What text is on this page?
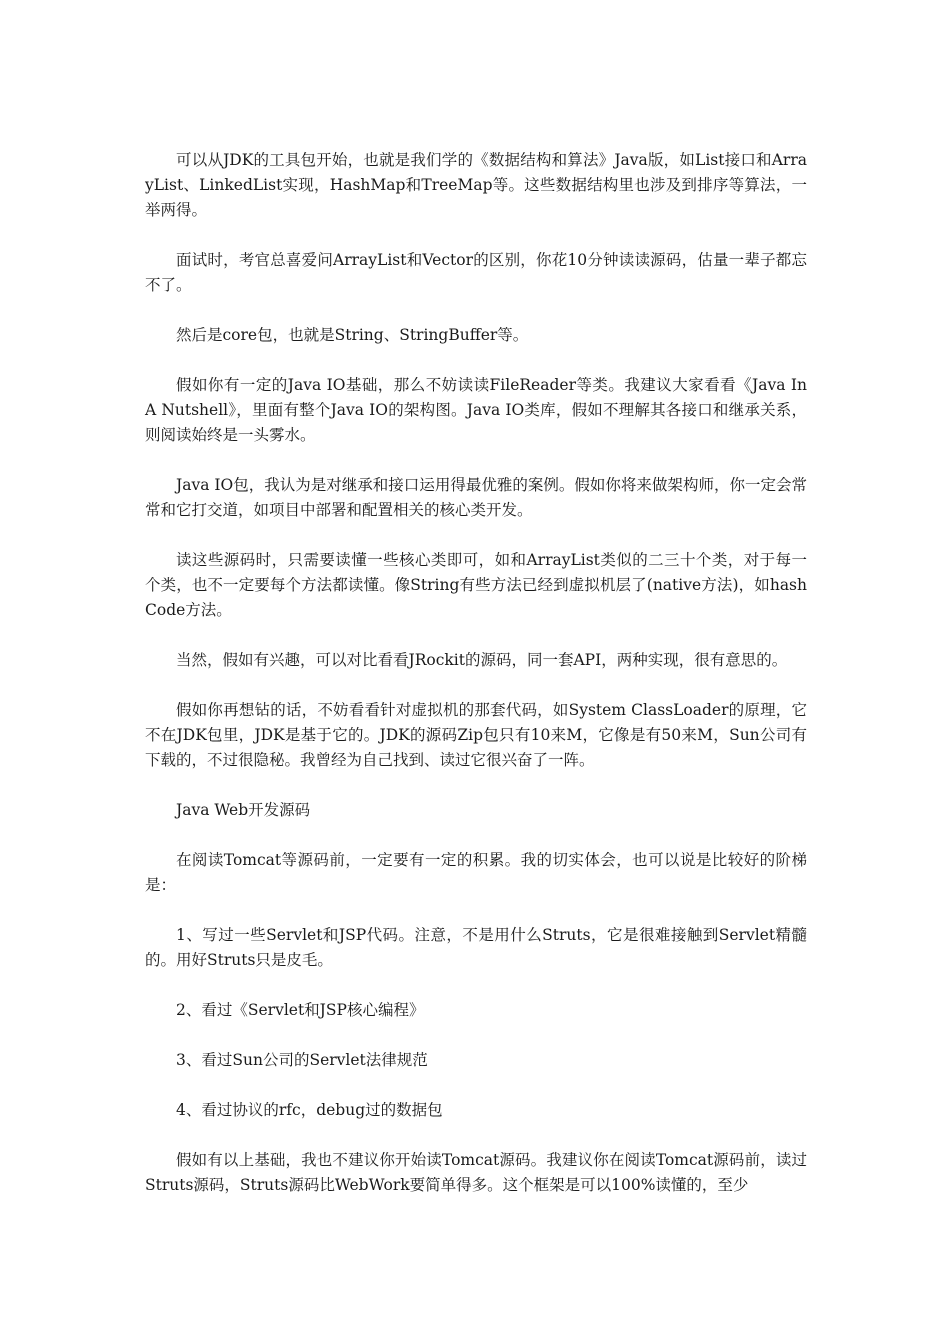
可以从JDK的工具包开始，也就是我们学的《数据结构和算法》Java版，如List接口和ArrayList、LinkedList实现，HashMap和TreeMap等。这些数据结构里也涉及到排序等算法，一举两得。

面试时，考官总喜爱问ArrayList和Vector的区别，你花10分钟读读源码，估量一辈子都忘不了。

然后是core包，也就是String、StringBuffer等。

假如你有一定的Java IO基础，那么不妨读读FileReader等类。我建议大家看看《Java In A Nutshell》，里面有整个Java IO的架构图。Java IO类库，假如不理解其各接口和继承关系，则阅读始终是一头雾水。

Java IO包，我认为是对继承和接口运用得最优雅的案例。假如你将来做架构师，你一定会常常和它打交道，如项目中部署和配置相关的核心类开发。

读这些源码时，只需要读懂一些核心类即可，如和ArrayList类似的二三十个类，对于每一个类，也不一定要每个方法都读懂。像String有些方法已经到虚拟机层了(native方法)，如hashCode方法。

当然，假如有兴趣，可以对比看看JRockit的源码，同一套API，两种实现，很有意思的。

假如你再想钻的话，不妨看看针对虚拟机的那套代码，如System ClassLoader的原理，它不在JDK包里，JDK是基于它的。JDK的源码Zip包只有10来M，它像是有50来M，Sun公司有下载的，不过很隐秘。我曾经为自己找到、读过它很兴奋了一阵。

Java Web开发源码

在阅读Tomcat等源码前，一定要有一定的积累。我的切实体会，也可以说是比较好的阶梯是：

1、写过一些Servlet和JSP代码。注意，不是用什么Struts，它是很难接触到Servlet精髓的。用好Struts只是皮毛。

2、看过《Servlet和JSP核心编程》

3、看过Sun公司的Servlet法律规范

4、看过协议的rfc，debug过的数据包

假如有以上基础，我也不建议你开始读Tomcat源码。我建议你在阅读Tomcat源码前，读过Struts源码，Struts源码比WebWork要简单得多。这个框架是可以100%读懂的，至少
